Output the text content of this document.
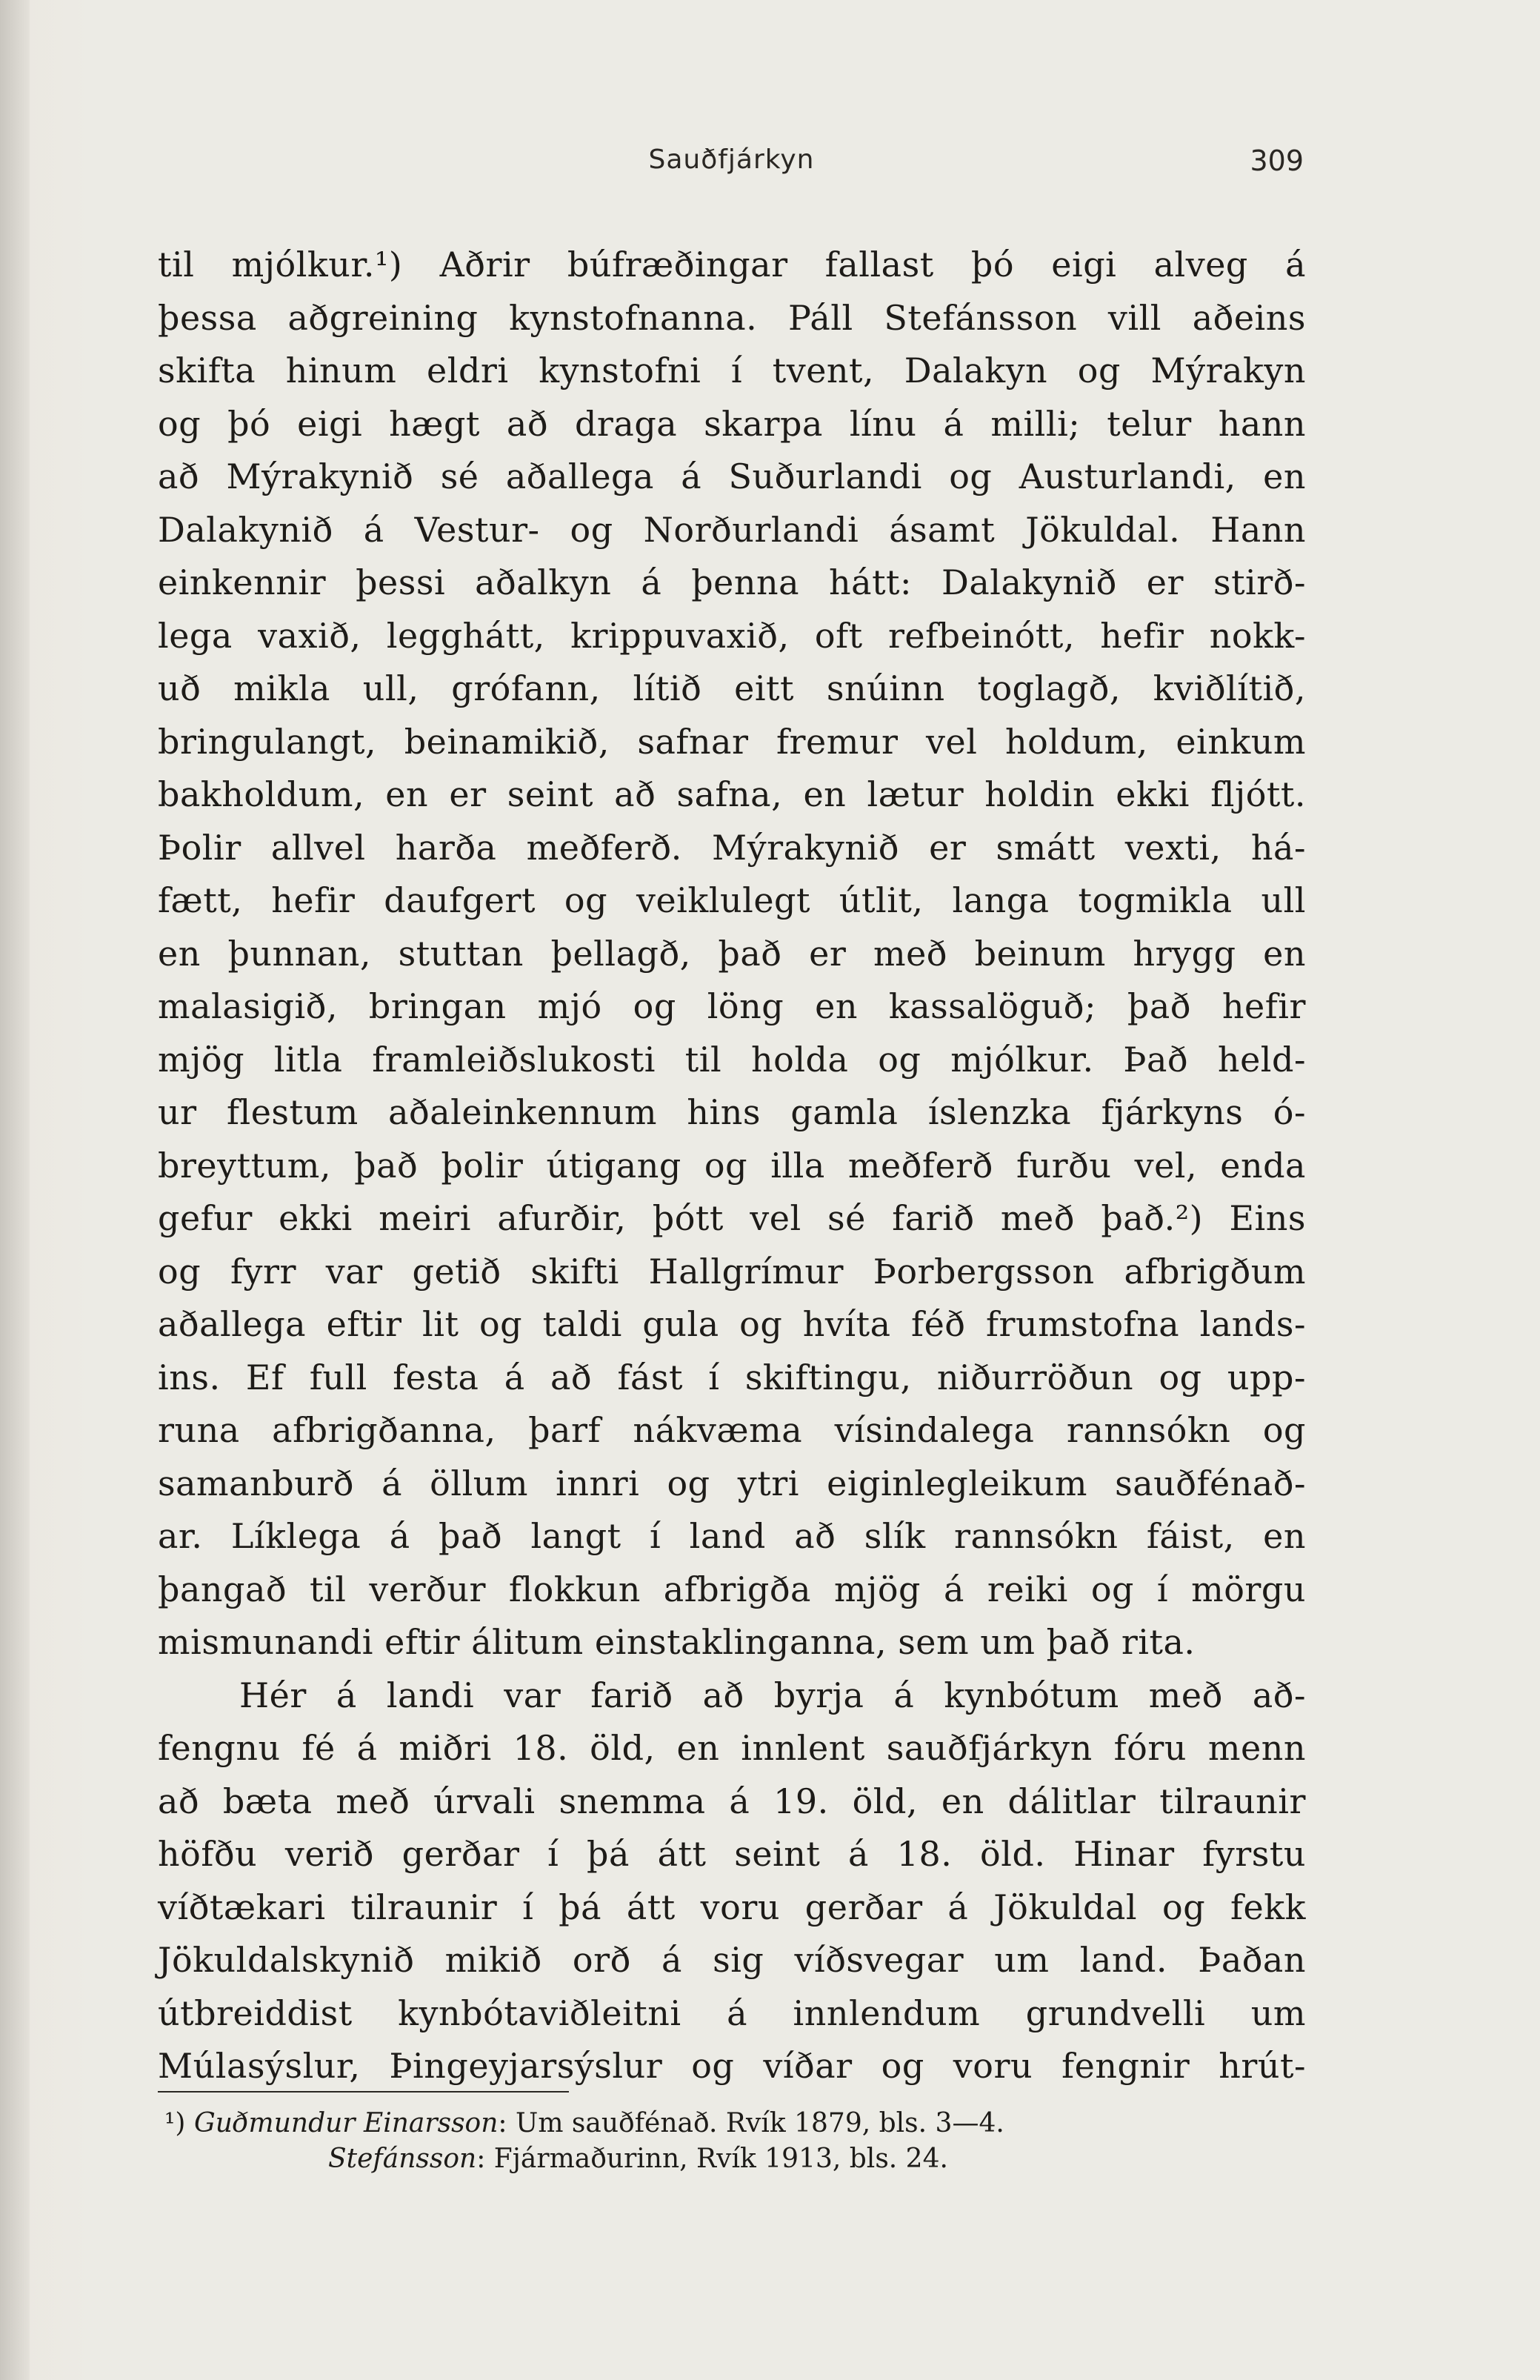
Sauðfjárkyn	309
til mjólkur.¹) Aðrir búfræðingar fallast þó eigi alveg á
þessa aðgreining kynstofnanna. Páll Stefánsson vill aðeins
skifta hinum eldri kynstofni í tvent, Dalakyn og Mýrakyn
og þó eigi hægt að draga skarpa línu á milli; telur hann
að Mýrakynið sé aðallega á Suðurlandi og Austurlandi, en
Dalakynið á Vestur- og Norðurlandi ásamt Jökuldal. Hann
einkennir þessi aðalkyn á þenna hátt: Dalakynið er stirð-
lega vaxið, legghátt, krippuvaxið, oft refbeinótt, hefir nokk-
uð mikla ull, grófann, lítið eitt snúinn toglagð, kviðlítið,
bringulangt, beinamikið, safnar fremur vel holdum, einkum
bakholdum, en er seint að safna, en lætur holdin ekki fljótt.
Þolir allvel harða meðferð. Mýrakynið er smátt vexti, há-
fætt, hefir daufgert og veiklulegt útlit, langa togmikla ull
en þunnan, stuttan þellagð, það er með beinum hrygg en
malasigið, bringan mjó og löng en kassalöguð; það hefir
mjög litla framleiðslukosti til holda og mjólkur. Það held-
ur flestum aðaleinkennum hins gamla íslenzka fjárkyns ó-
breyttum, það þolir útigang og illa meðferð furðu vel, enda
gefur ekki meiri afurðir, þótt vel sé farið með það.²) Eins
og fyrr var getið skifti Hallgrímur Þorbergsson afbrigðum
aðallega eftir lit og taldi gula og hvíta féð frumstofna lands-
ins. Ef full festa á að fást í skiftingu, niðurröðun og upp-
runa afbrigðanna, þarf nákvæma vísindalega rannsókn og
samanburð á öllum innri og ytri eiginlegleikum sauðfénað-
ar. Líklega á það langt í land að slík rannsókn fáist, en
þangað til verður flokkun afbrigða mjög á reiki og í mörgu
mismunandi eftir álitum einstaklinganna, sem um það rita.
Hér á landi var farið að byrja á kynbótum með að-
fengnu fé á miðri 18. öld, en innlent sauðfjárkyn fóru menn
að bæta með úrvali snemma á 19. öld, en dálitlar tilraunir
höfðu verið gerðar í þá átt seint á 18. öld. Hinar fyrstu
víðtækari tilraunir í þá átt voru gerðar á Jökuldal og fekk
Jökuldalskynið mikið orð á sig víðsvegar um land. Þaðan
útbreiddist kynbótaviðleitni á innlendum grundvelli um
Múlasýslur, Þingeyjarsýslur og víðar og voru fengnir hrút-
¹) Guðmundur Einarsson: Um sauðfénað. Rvík 1879, bls. 3—4.
Stefánsson: Fjármaðurinn, Rvík 1913, bls. 24.
